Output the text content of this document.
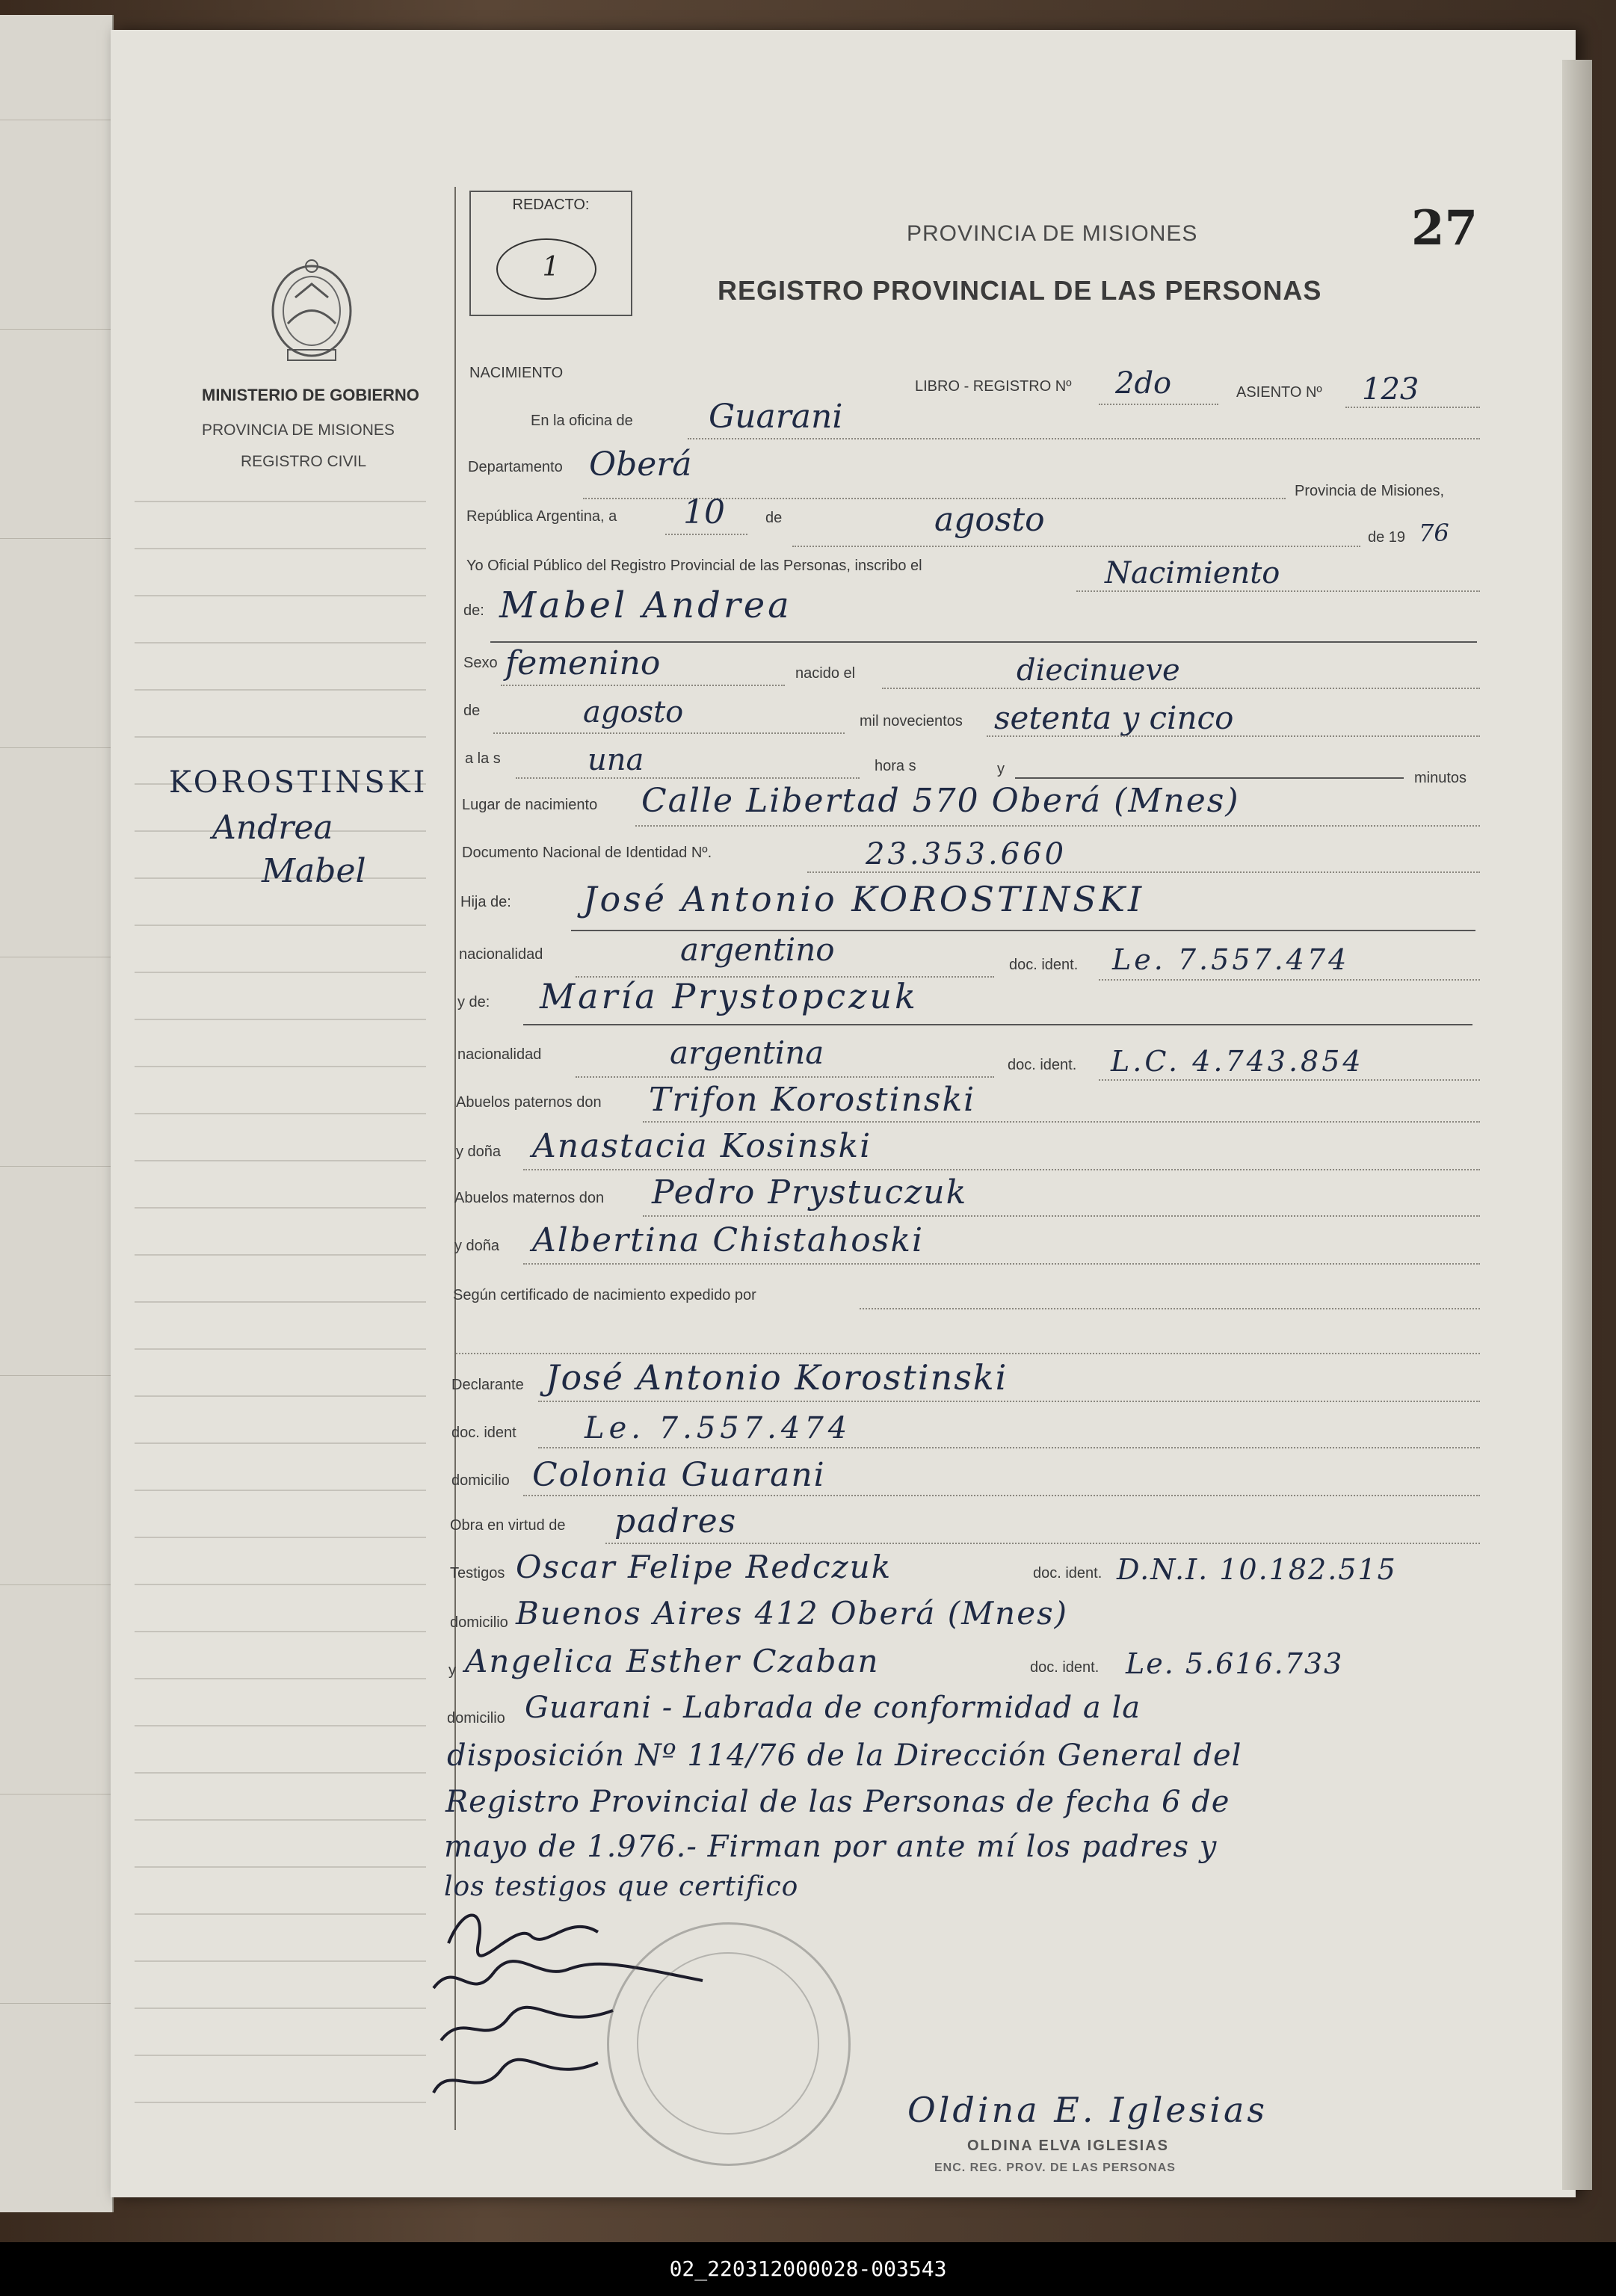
REDACTO:
1
PROVINCIA DE MISIONES
REGISTRO PROVINCIAL DE LAS PERSONAS
27
MINISTERIO DE GOBIERNO
PROVINCIA DE MISIONES
REGISTRO CIVIL
KOROSTINSKI
Andrea
Mabel
NACIMIENTO
LIBRO - REGISTRO Nº 2do	ASIENTO Nº 123
En la oficina de Guarani
Departamento Oberá
Provincia de Misiones,
República Argentina, a 10	de	agosto	de 19 76
Yo Oficial Público del Registro Provincial de las Personas, inscribo el	Nacimiento
de: Mabel Andrea
Sexo femenino	nacido el	diecinueve
de	agosto	mil novecientos setenta y cinco
a la s	una	hora s	y
minutos
Lugar de nacimiento Calle Libertad 570 Oberá (Mnes)
Documento Nacional de Identidad Nº.	23.353.660
Hija de: José Antonio KOROSTINSKI
nacionalidad	argentino	doc. ident. Le. 7.557.474
y de: María Prystopczuk
nacionalidad	argentina	doc. ident. L.C. 4.743.854
Abuelos paternos don Trifon Korostinski
y doña Anastacia Kosinski
Abuelos maternos don Pedro Prystuczuk
y doña Albertina Chistahoski
Según certificado de nacimiento expedido por
Declarante José Antonio Korostinski
doc. ident Le. 7.557.474
domicilio Colonia Guarani
Obra en virtud de padres
Testigos Oscar Felipe Redczuk	doc. ident. D.N.I. 10.182.515
domicilio Buenos Aires 412 Oberá (Mnes)
y Angelica Esther Czaban	doc. ident. Le. 5.616.733
domicilio Guarani - Labrada de conformidad a la
disposición Nº 114/76 de la Dirección General del
Registro Provincial de las Personas de fecha 6 de
mayo de 1.976.- Firman por ante mí los padres y
los testigos que certifico
Oldina E. Iglesias
OLDINA ELVA IGLESIAS
ENC. REG. PROV. DE LAS PERSONAS
02_220312000028-003543
